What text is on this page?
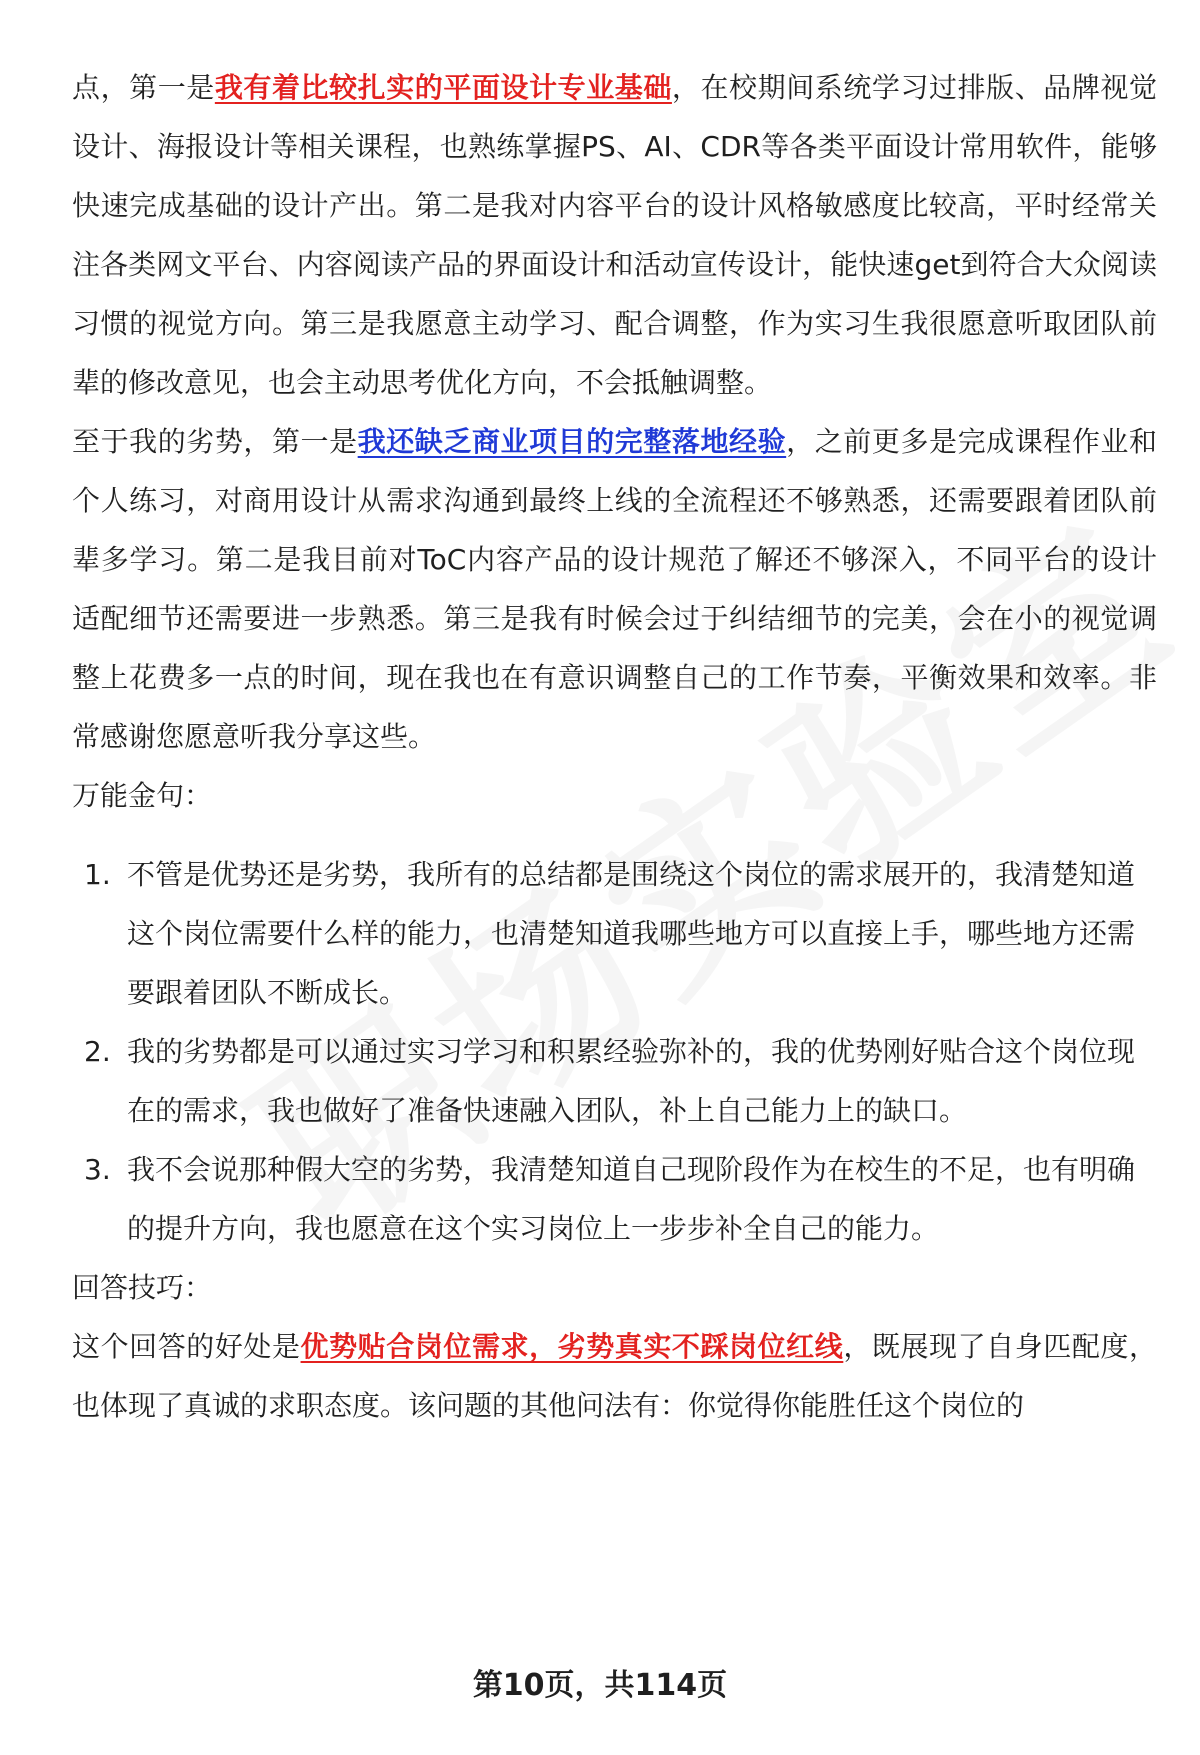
点，第一是我有着比较扎实的平面设计专业基础，在校期间系统学习过排版、品牌视觉设计、海报设计等相关课程，也熟练掌握PS、AI、CDR等各类平面设计常用软件，能够快速完成基础的设计产出。第二是我对内容平台的设计风格敏感度比较高，平时经常关注各类网文平台、内容阅读产品的界面设计和活动宣传设计，能快速get到符合大众阅读习惯的视觉方向。第三是我愿意主动学习、配合调整，作为实习生我很愿意听取团队前辈的修改意见，也会主动思考优化方向，不会抵触调整。

至于我的劣势，第一是我还缺乏商业项目的完整落地经验，之前更多是完成课程作业和个人练习，对商用设计从需求沟通到最终上线的全流程还不够熟悉，还需要跟着团队前辈多学习。第二是我目前对ToC内容产品的设计规范了解还不够深入，不同平台的设计适配细节还需要进一步熟悉。第三是我有时候会过于纠结细节的完美，会在小的视觉调整上花费多一点的时间，现在我也在有意识调整自己的工作节奏，平衡效果和效率。非常感谢您愿意听我分享这些。

万能金句：

1. 不管是优势还是劣势，我所有的总结都是围绕这个岗位的需求展开的，我清楚知道这个岗位需要什么样的能力，也清楚知道我哪些地方可以直接上手，哪些地方还需要跟着团队不断成长。
2. 我的劣势都是可以通过实习学习和积累经验弥补的，我的优势刚好贴合这个岗位现在的需求，我也做好了准备快速融入团队，补上自己能力上的缺口。
3. 我不会说那种假大空的劣势，我清楚知道自己现阶段作为在校生的不足，也有明确的提升方向，我也愿意在这个实习岗位上一步步补全自己的能力。

回答技巧：

这个回答的好处是优势贴合岗位需求，劣势真实不踩岗位红线，既展现了自身匹配度，也体现了真诚的求职态度。该问题的其他问法有：你觉得你能胜任这个岗位的

第10页，共114页
